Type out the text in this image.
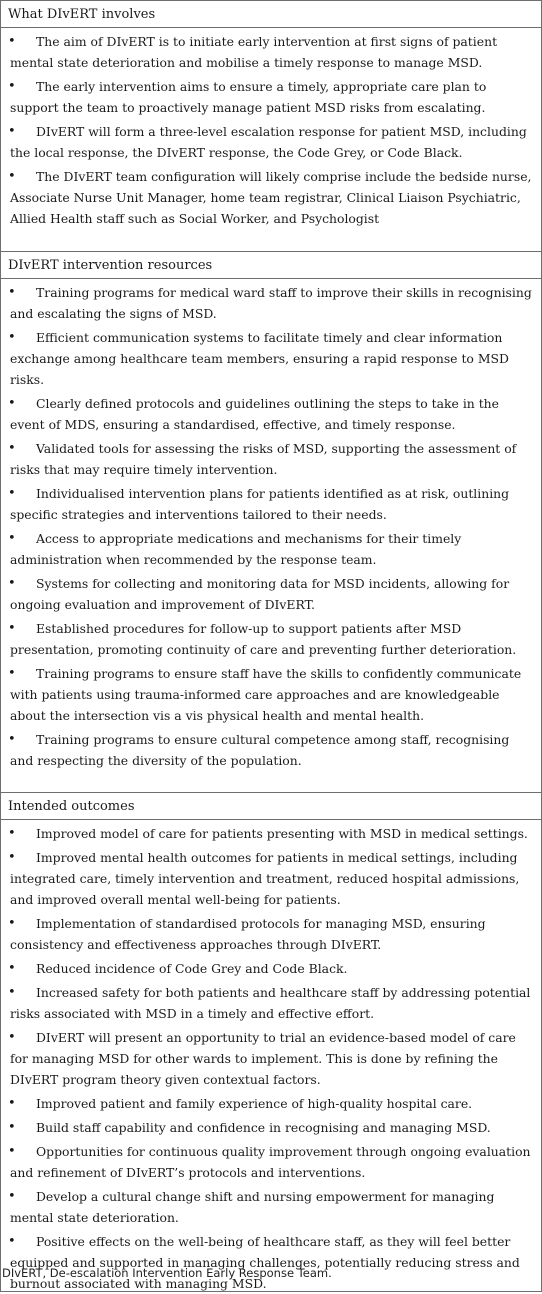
What DIvERT involves
• The aim of DIvERT is to initiate early intervention at first signs of patient mental state deterioration and mobilise a timely response to manage MSD.
• The early intervention aims to ensure a timely, appropriate care plan to support the team to proactively manage patient MSD risks from escalating.
• DIvERT will form a three-level escalation response for patient MSD, including the local response, the DIvERT response, the Code Grey, or Code Black.
• The DIvERT team configuration will likely comprise include the bedside nurse, Associate Nurse Unit Manager, home team registrar, Clinical Liaison Psychiatric, Allied Health staff such as Social Worker, and Psychologist
DIvERT intervention resources
• Training programs for medical ward staff to improve their skills in recognising and escalating the signs of MSD.
• Efficient communication systems to facilitate timely and clear information exchange among healthcare team members, ensuring a rapid response to MSD risks.
• Clearly defined protocols and guidelines outlining the steps to take in the event of MDS, ensuring a standardised, effective, and timely response.
• Validated tools for assessing the risks of MSD, supporting the assessment of risks that may require timely intervention.
• Individualised intervention plans for patients identified as at risk, outlining specific strategies and interventions tailored to their needs.
• Access to appropriate medications and mechanisms for their timely administration when recommended by the response team.
• Systems for collecting and monitoring data for MSD incidents, allowing for ongoing evaluation and improvement of DIvERT.
• Established procedures for follow-up to support patients after MSD presentation, promoting continuity of care and preventing further deterioration.
• Training programs to ensure staff have the skills to confidently communicate with patients using trauma-informed care approaches and are knowledgeable about the intersection vis a vis physical health and mental health.
• Training programs to ensure cultural competence among staff, recognising and respecting the diversity of the population.
Intended outcomes
• Improved model of care for patients presenting with MSD in medical settings.
• Improved mental health outcomes for patients in medical settings, including integrated care, timely intervention and treatment, reduced hospital admissions, and improved overall mental well-being for patients.
• Implementation of standardised protocols for managing MSD, ensuring consistency and effectiveness approaches through DIvERT.
• Reduced incidence of Code Grey and Code Black.
• Increased safety for both patients and healthcare staff by addressing potential risks associated with MSD in a timely and effective effort.
• DIvERT will present an opportunity to trial an evidence-based model of care for managing MSD for other wards to implement. This is done by refining the DIvERT program theory given contextual factors.
• Improved patient and family experience of high-quality hospital care.
• Build staff capability and confidence in recognising and managing MSD.
• Opportunities for continuous quality improvement through ongoing evaluation and refinement of DIvERT’s protocols and interventions.
• Develop a cultural change shift and nursing empowerment for managing mental state deterioration.
• Positive effects on the well-being of healthcare staff, as they will feel better equipped and supported in managing challenges, potentially reducing stress and burnout associated with managing MSD.
DIvERT, De-escalation Intervention Early Response Team.
